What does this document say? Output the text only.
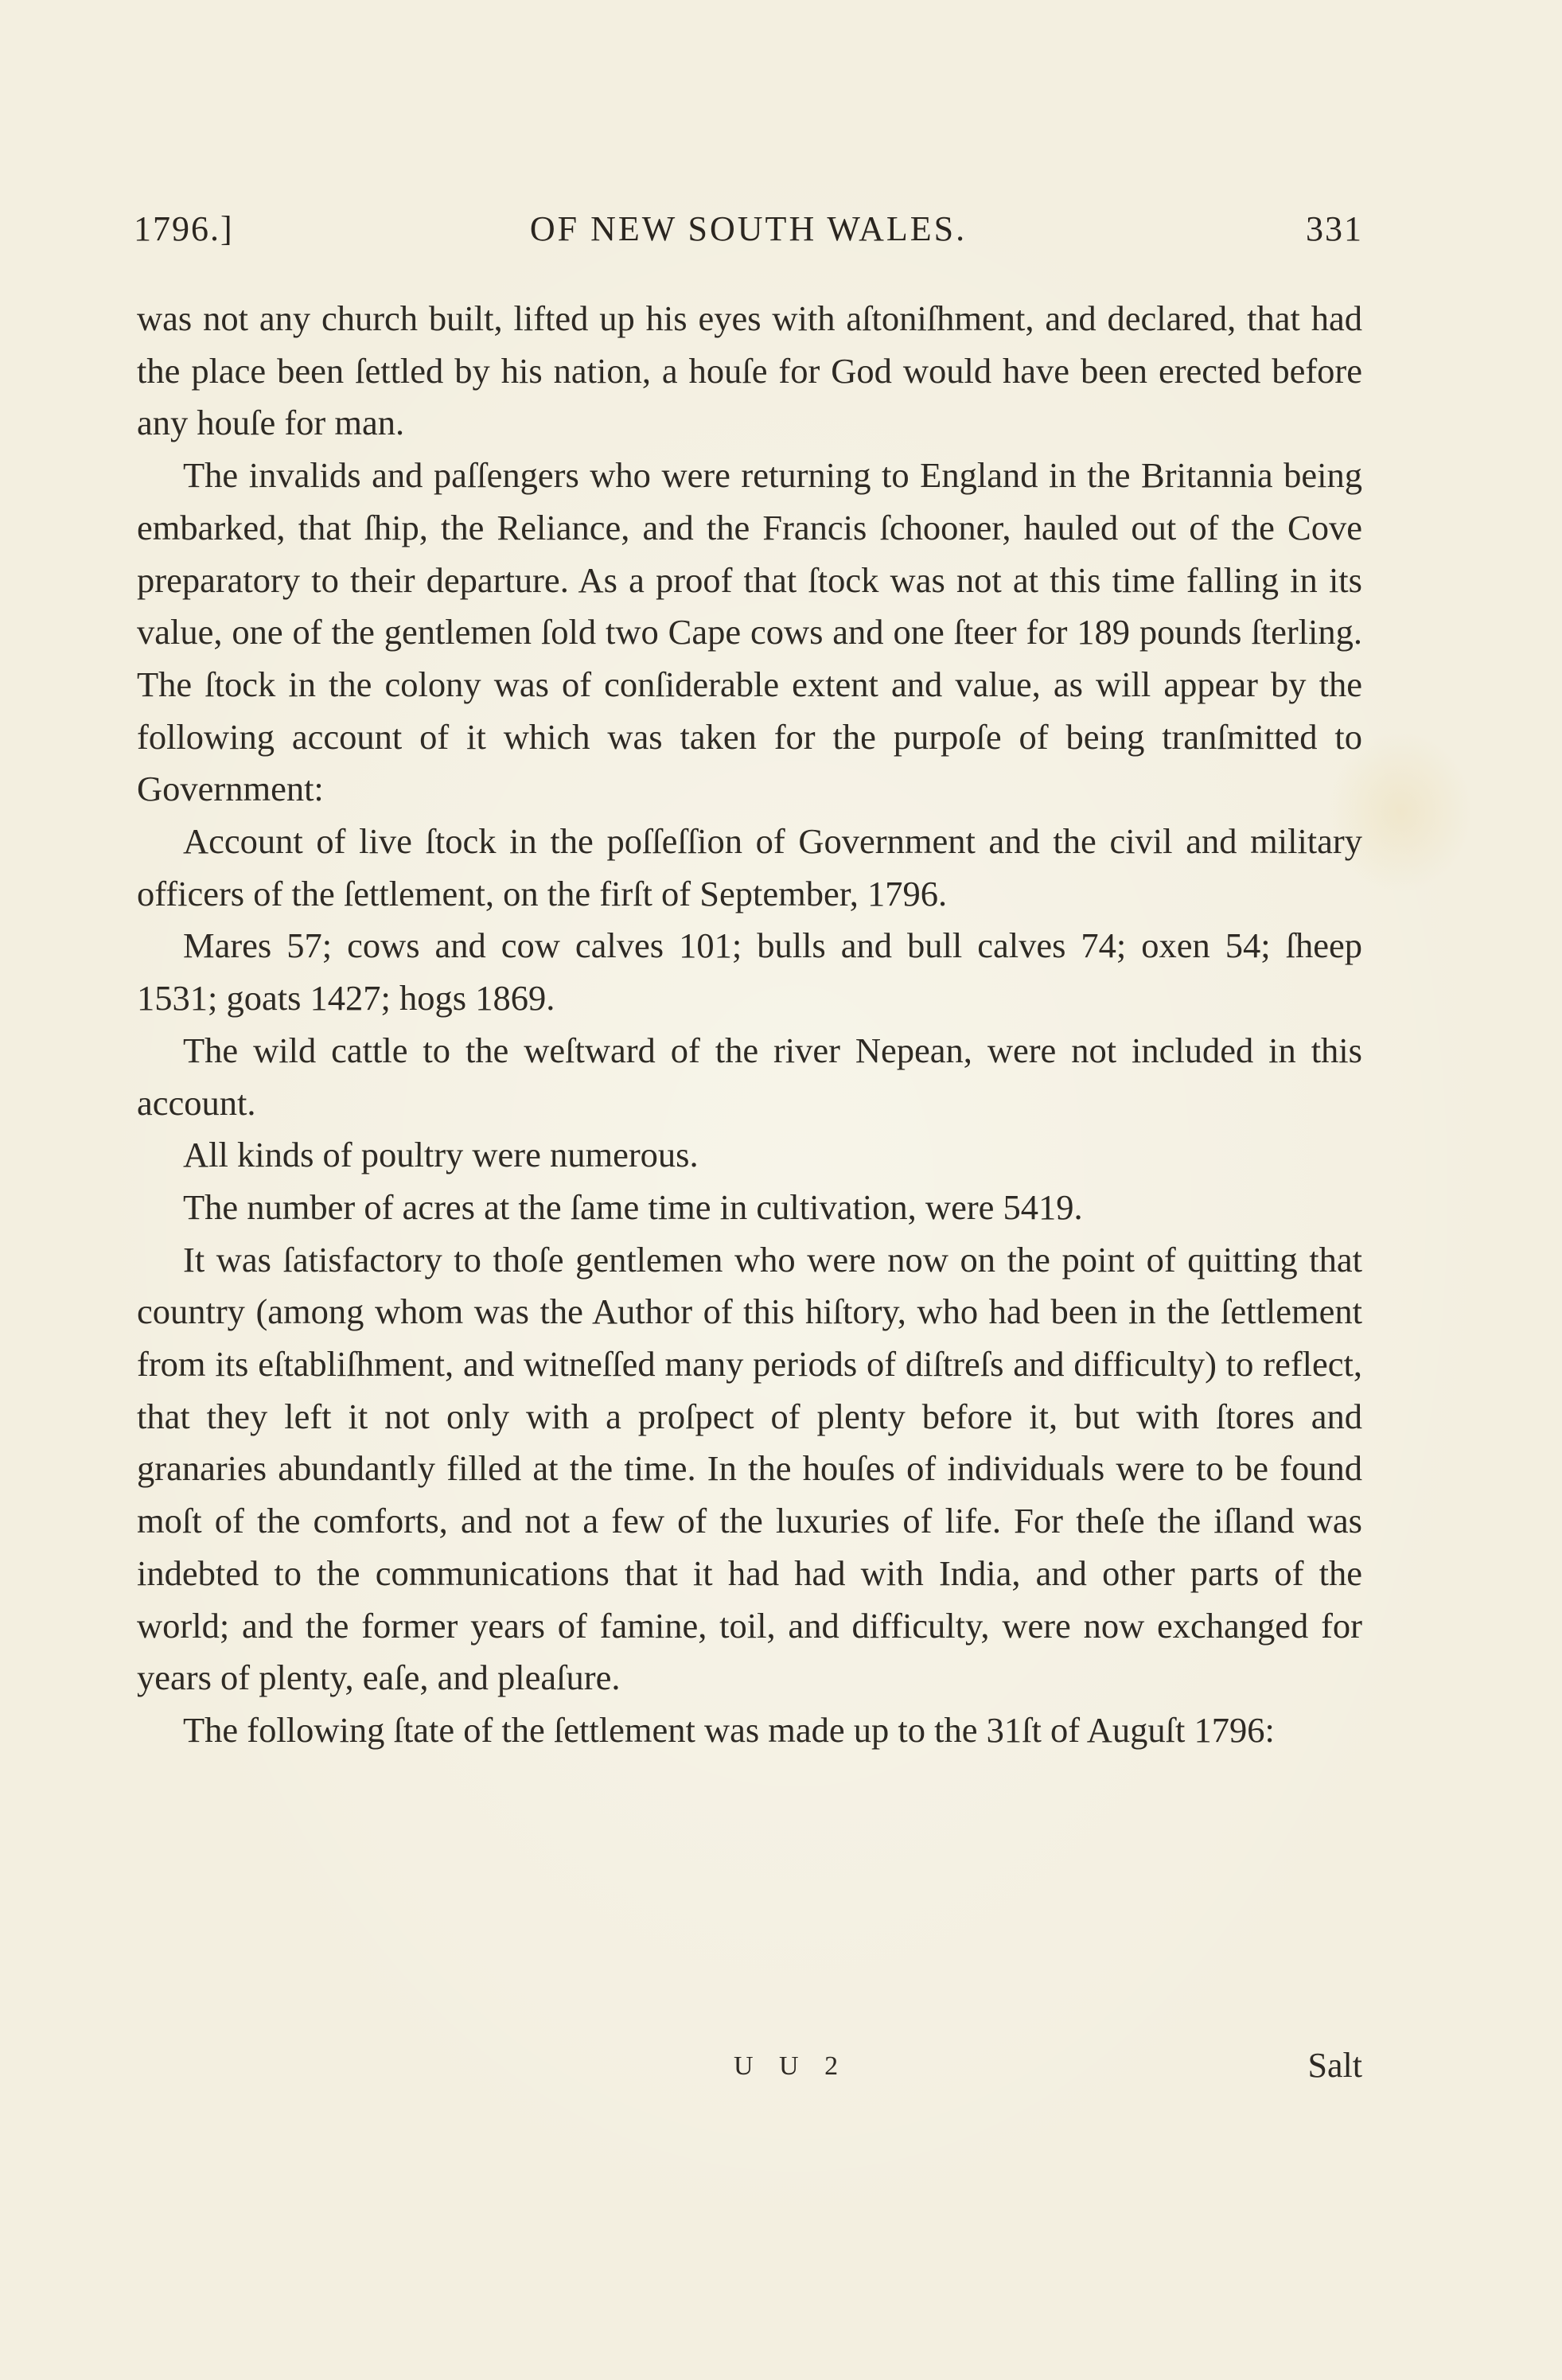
1796.]	OF NEW SOUTH WALES.	331

was not any church built, lifted up his eyes with aſtoniſhment, and declared, that had the place been ſettled by his nation, a houſe for God would have been erected before any houſe for man.

The invalids and paſſengers who were returning to England in the Britannia being embarked, that ſhip, the Reliance, and the Francis ſchooner, hauled out of the Cove preparatory to their departure. As a proof that ſtock was not at this time falling in its value, one of the gentlemen ſold two Cape cows and one ſteer for 189 pounds ſterling. The ſtock in the colony was of conſiderable extent and value, as will appear by the following account of it which was taken for the purpoſe of being tranſmitted to Government:

Account of live ſtock in the poſſeſſion of Government and the civil and military officers of the ſettlement, on the firſt of September, 1796.

Mares 57; cows and cow calves 101; bulls and bull calves 74; oxen 54; ſheep 1531; goats 1427; hogs 1869.

The wild cattle to the weſtward of the river Nepean, were not included in this account.

All kinds of poultry were numerous.

The number of acres at the ſame time in cultivation, were 5419.

It was ſatisfactory to thoſe gentlemen who were now on the point of quitting that country (among whom was the Author of this hiſtory, who had been in the ſettlement from its eſtabliſhment, and witneſſed many periods of diſtreſs and difficulty) to reflect, that they left it not only with a proſpect of plenty before it, but with ſtores and granaries abundantly filled at the time. In the houſes of individuals were to be found moſt of the comforts, and not a few of the luxuries of life. For theſe the iſland was indebted to the communications that it had had with India, and other parts of the world; and the former years of famine, toil, and difficulty, were now exchanged for years of plenty, eaſe, and pleaſure.

The following ſtate of the ſettlement was made up to the 31ſt of Auguſt 1796:

U U 2	Salt
